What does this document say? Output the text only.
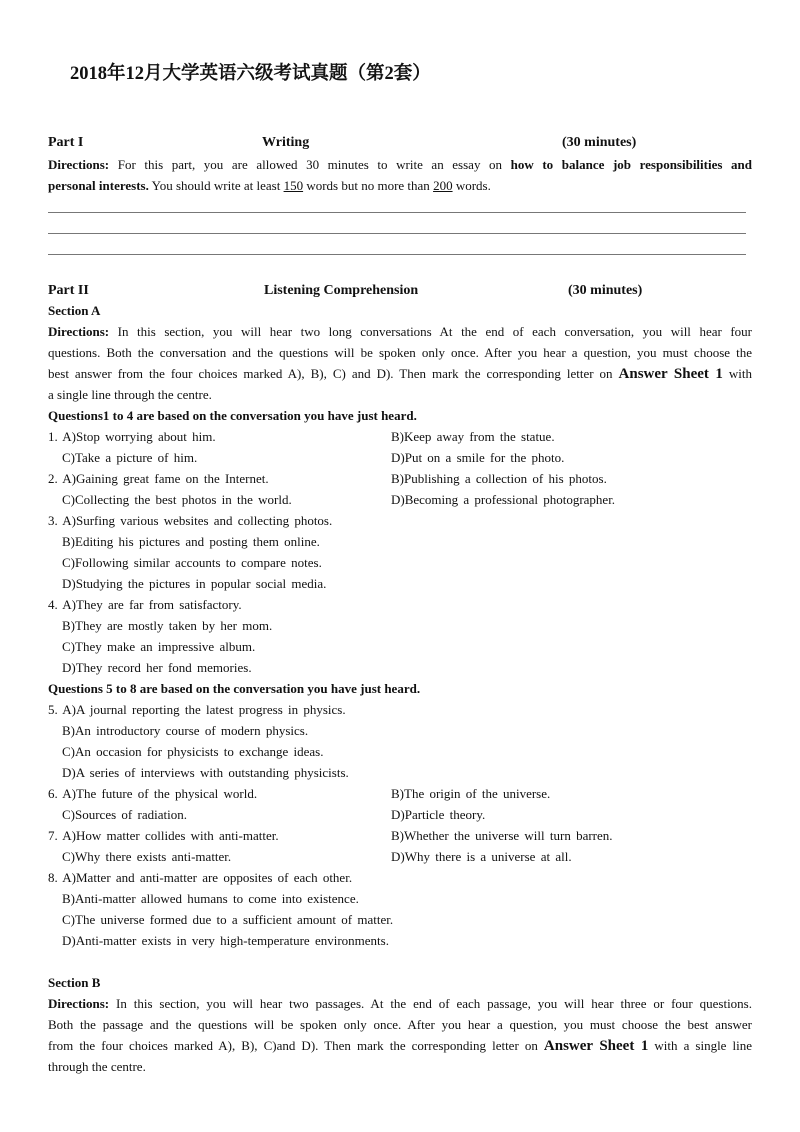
2018年12月大学英语六级考试真题（第2套）
Part I	Writing	(30 minutes)
Directions: For this part, you are allowed 30 minutes to write an essay on how to balance job responsibilities and
personal interests. You should write at least 150 words but no more than 200 words.
Part II	Listening Comprehension	(30 minutes)
Section A
Directions: In this section, you will hear two long conversations At the end of each conversation, you will hear four
questions. Both the conversation and the questions will be spoken only once. After you hear a question, you must choose the
best answer from the four choices marked A), B), C) and D). Then mark the corresponding letter on Answer Sheet 1 with
a single line through the centre.
Questions1 to 4 are based on the conversation you have just heard.
1. A)Stop worrying about him.	B)Keep away from the statue.
C)Take a picture of him.	D)Put on a smile for the photo.
2. A)Gaining great fame on the Internet.	B)Publishing a collection of his photos.
C)Collecting the best photos in the world.	D)Becoming a professional photographer.
3. A)Surfing various websites and collecting photos.
B)Editing his pictures and posting them online.
C)Following similar accounts to compare notes.
D)Studying the pictures in popular social media.
4. A)They are far from satisfactory.
B)They are mostly taken by her mom.
C)They make an impressive album.
D)They record her fond memories.
Questions 5 to 8 are based on the conversation you have just heard.
5. A)A journal reporting the latest progress in physics.
B)An introductory course of modern physics.
C)An occasion for physicists to exchange ideas.
D)A series of interviews with outstanding physicists.
6. A)The future of the physical world.	B)The origin of the universe.
C)Sources of radiation.	D)Particle theory.
7. A)How matter collides with anti-matter.	B)Whether the universe will turn barren.
C)Why there exists anti-matter.	D)Why there is a universe at all.
8. A)Matter and anti-matter are opposites of each other.
B)Anti-matter allowed humans to come into existence.
C)The universe formed due to a sufficient amount of matter.
D)Anti-matter exists in very high-temperature environments.
Section B
Directions: In this section, you will hear two passages. At the end of each passage, you will hear three or four questions.
Both the passage and the questions will be spoken only once. After you hear a question, you must choose the best answer
from the four choices marked A), B), C)and D). Then mark the corresponding letter on Answer Sheet 1 with a single line
through the centre.
